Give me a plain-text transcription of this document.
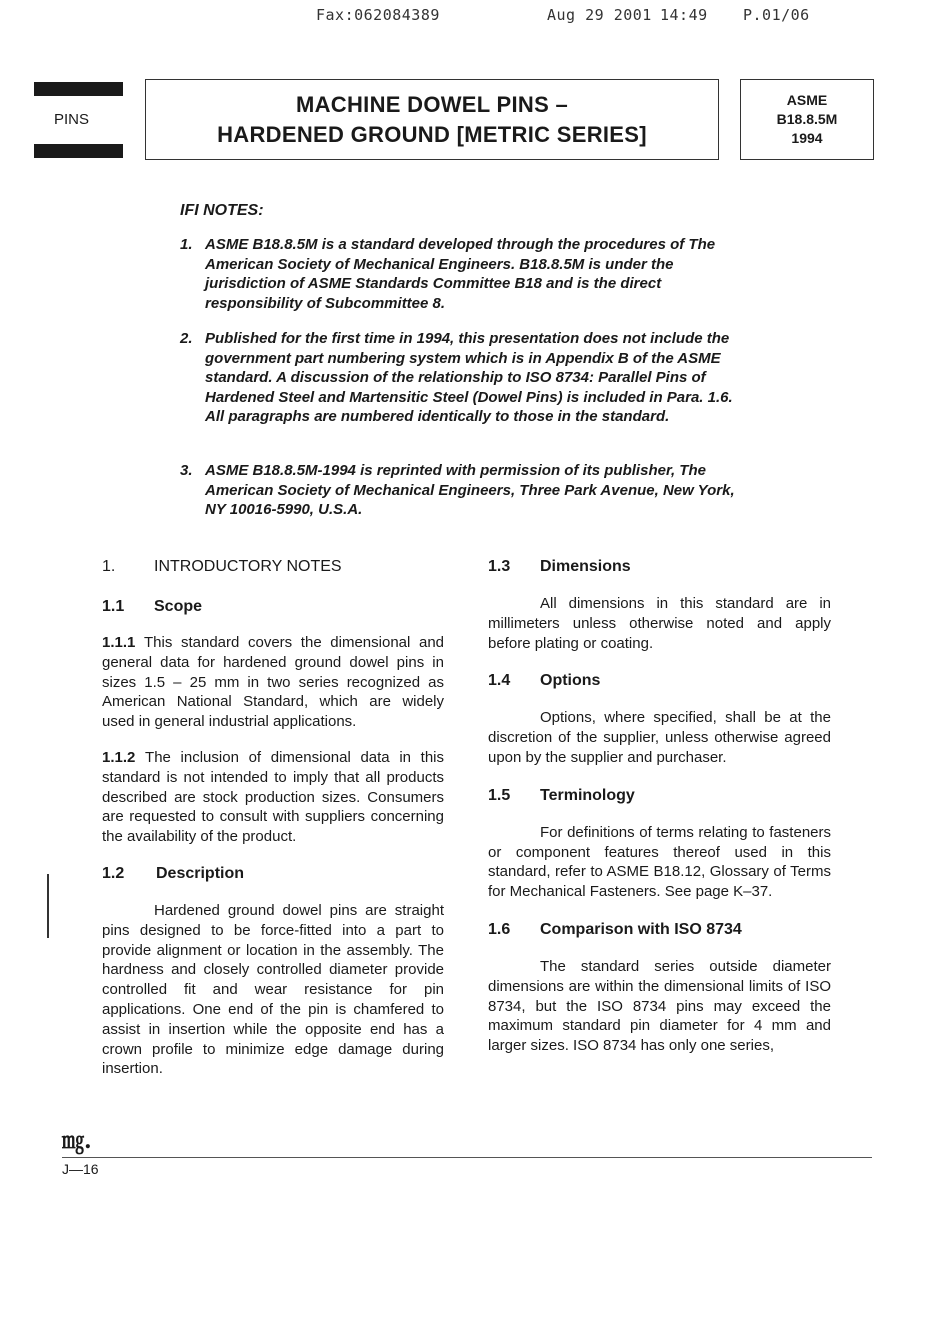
Fax:062084389	Aug 29 2001 14:49 P.01/06
PINS
MACHINE DOWEL PINS –
HARDENED GROUND [METRIC SERIES]
ASME
B18.8.5M
1994
IFI NOTES:
1. ASME B18.8.5M is a standard developed through the procedures of The American Society of Mechanical Engineers. B18.8.5M is under the jurisdiction of ASME Standards Committee B18 and is the direct responsibility of Subcommittee 8.
2. Published for the first time in 1994, this presentation does not include the government part numbering system which is in Appendix B of the ASME standard. A discussion of the relationship to ISO 8734: Parallel Pins of Hardened Steel and Martensitic Steel (Dowel Pins) is included in Para. 1.6. All paragraphs are numbered identically to those in the standard.
3. ASME B18.8.5M-1994 is reprinted with permission of its publisher, The American Society of Mechanical Engineers, Three Park Avenue, New York, NY 10016-5990, U.S.A.
1. INTRODUCTORY NOTES
1.1 Scope
1.1.1 This standard covers the dimensional and general data for hardened ground dowel pins in sizes 1.5 – 25 mm in two series recognized as American National Standard, which are widely used in general industrial applications.
1.1.2 The inclusion of dimensional data in this standard is not intended to imply that all products described are stock production sizes. Consumers are requested to consult with suppliers concerning the availability of the product.
1.2 Description
Hardened ground dowel pins are straight pins designed to be force-fitted into a part to provide alignment or location in the assembly. The hardness and closely controlled diameter provide controlled fit and wear resistance for pin applications. One end of the pin is chamfered to assist in insertion while the opposite end has a crown profile to minimize edge damage during insertion.
1.3 Dimensions
All dimensions in this standard are in millimeters unless otherwise noted and apply before plating or coating.
1.4 Options
Options, where specified, shall be at the discretion of the supplier, unless otherwise agreed upon by the supplier and purchaser.
1.5 Terminology
For definitions of terms relating to fasteners or component features thereof used in this standard, refer to ASME B18.12, Glossary of Terms for Mechanical Fasteners. See page K–37.
1.6 Comparison with ISO 8734
The standard series outside diameter dimensions are within the dimensional limits of ISO 8734, but the ISO 8734 pins may exceed the maximum standard pin diameter for 4 mm and larger sizes. ISO 8734 has only one series,
㎎.
J—16
